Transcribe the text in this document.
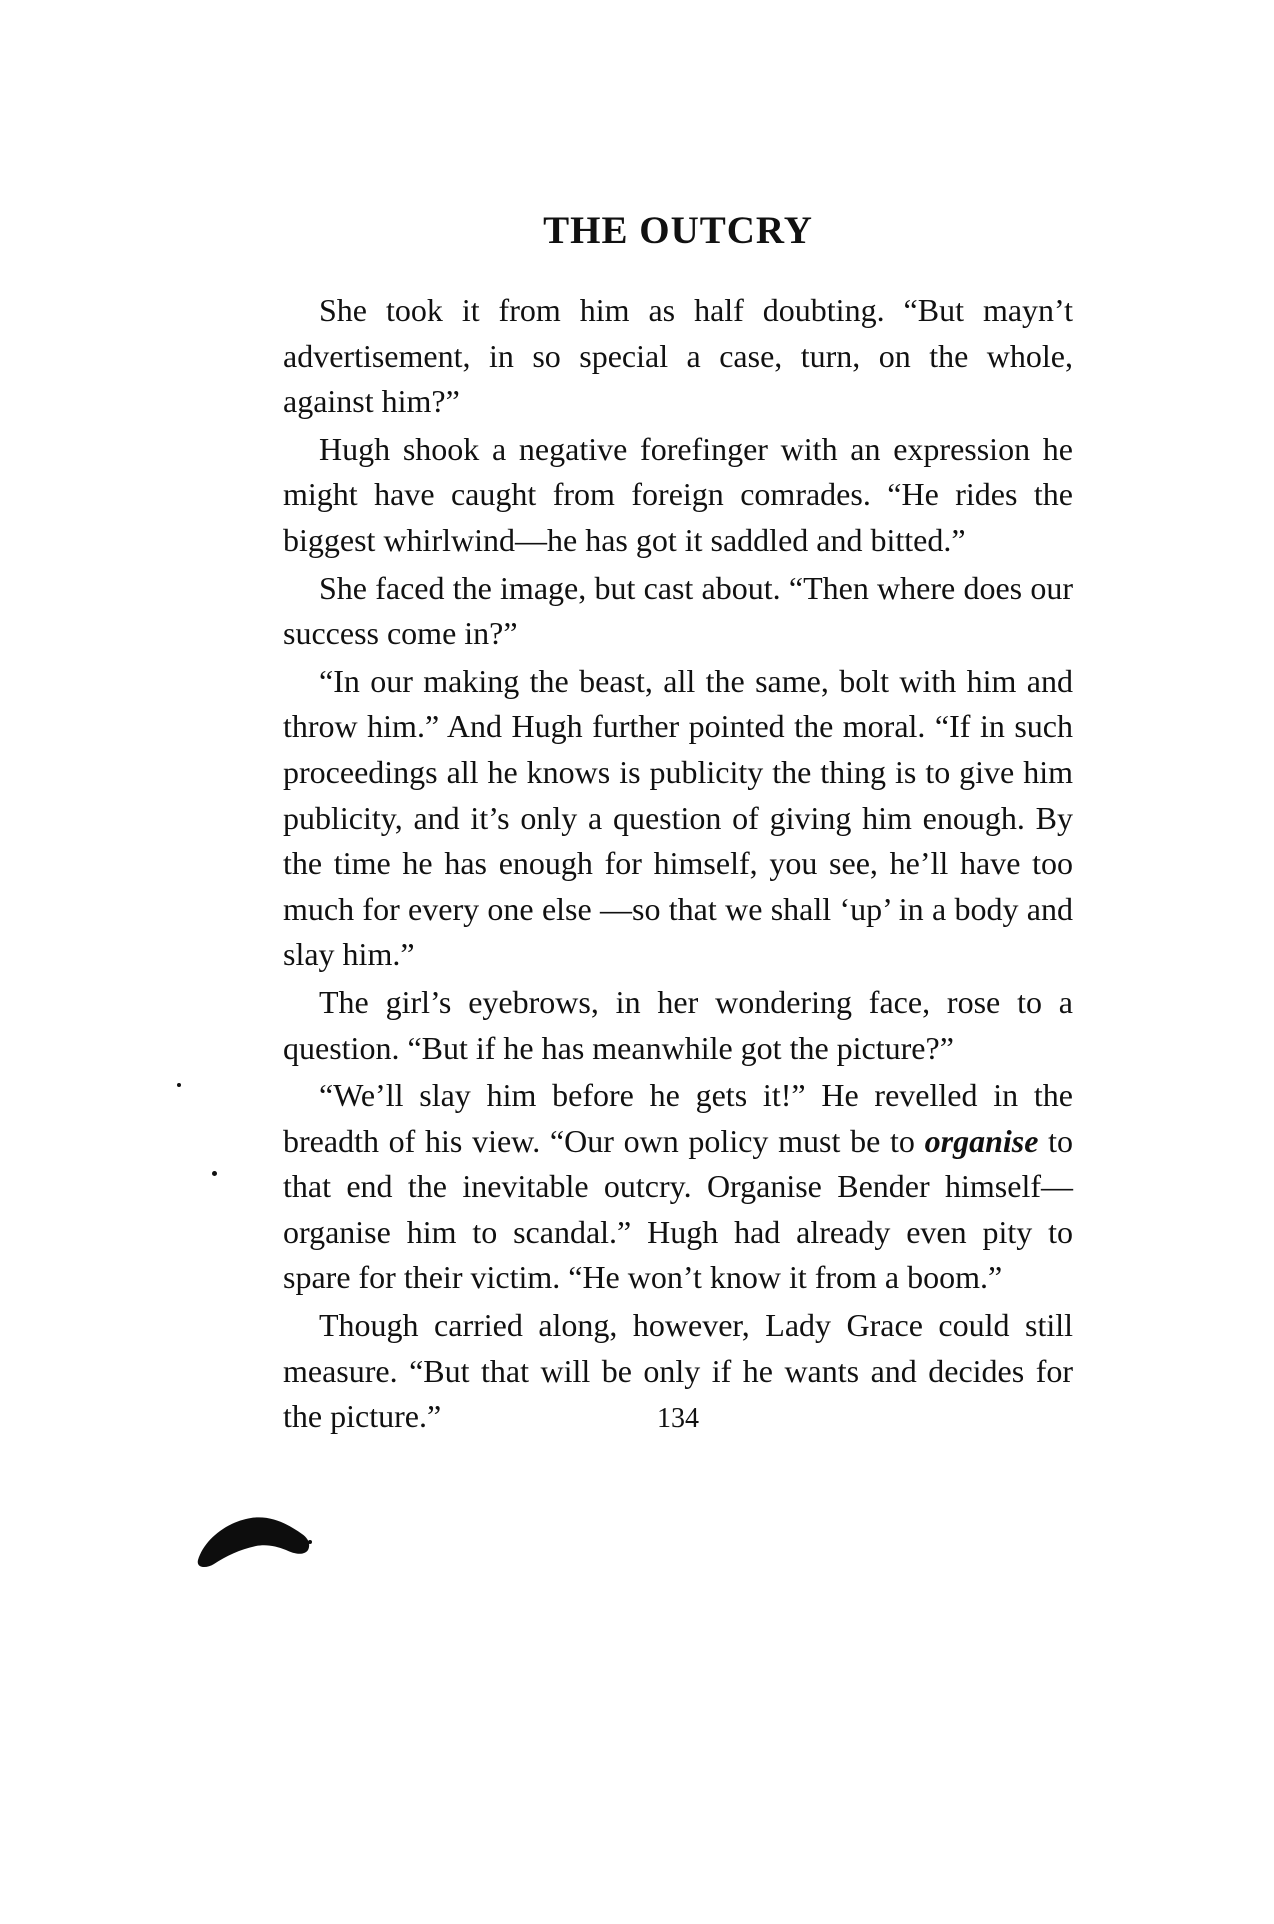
THE OUTCRY

She took it from him as half doubting. “But mayn’t advertisement, in so special a case, turn, on the whole, against him?”

Hugh shook a negative forefinger with an expression he might have caught from foreign comrades. “He rides the biggest whirlwind—he has got it saddled and bitted.”

She faced the image, but cast about. “Then where does our success come in?”

“In our making the beast, all the same, bolt with him and throw him.” And Hugh further pointed the moral. “If in such proceedings all he knows is publicity the thing is to give him publicity, and it’s only a question of giving him enough. By the time he has enough for himself, you see, he’ll have too much for every one else —so that we shall ‘up’ in a body and slay him.”

The girl’s eyebrows, in her wondering face, rose to a question. “But if he has meanwhile got the picture?”

“We’ll slay him before he gets it!” He revelled in the breadth of his view. “Our own policy must be to organise to that end the inevitable outcry. Organise Bender himself—organise him to scandal.” Hugh had already even pity to spare for their victim. “He won’t know it from a boom.”

Though carried along, however, Lady Grace could still measure. “But that will be only if he wants and decides for the picture.”	134
